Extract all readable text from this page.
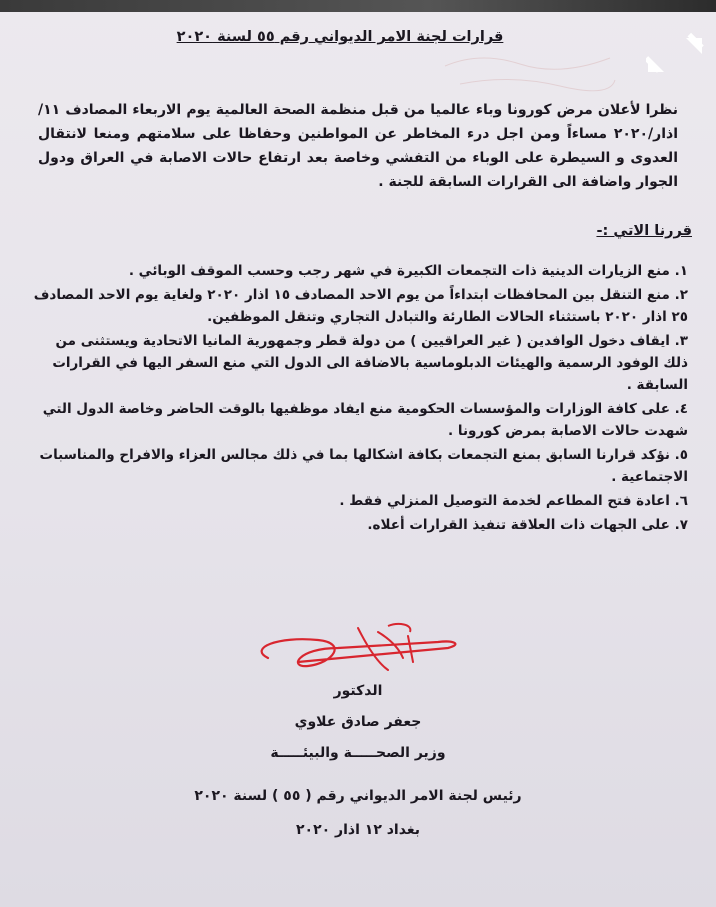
قرارات لجنة الامر الديواني رقم ٥٥ لسنة ٢٠٢٠
نظرا لأعلان مرض كورونا وباء عالميا من قبل منظمة الصحة العالمية يوم الاربعاء المصادف ١١/ اذار/٢٠٢٠ مساءاً ومن اجل درء المخاطر عن المواطنين وحفاظا على سلامتهم ومنعا لانتقال العدوى و السيطرة على الوباء من التفشي وخاصة بعد ارتفاع حالات الاصابة في العراق ودول الجوار واضافة الى القرارات السابقة للجنة .
قررنا الاتي :-
١. منع الزيارات الدينية ذات التجمعات الكبيرة في شهر رجب وحسب الموقف الوبائي .
٢. منع التنقل بين المحافظات ابتداءاً من يوم الاحد المصادف ١٥ اذار ٢٠٢٠ ولغاية يوم الاحد المصادف ٢٥ اذار ٢٠٢٠ باستثناء الحالات الطارئة والتبادل التجاري وتنقل الموظفين.
٣. ايقاف دخول الوافدين ( غير العراقيين ) من دولة قطر وجمهورية المانيا الاتحادية ويستثنى من ذلك الوفود الرسمية والهيئات الدبلوماسية بالاضافة الى الدول التي منع السفر اليها في القرارات السابقة .
٤. على كافة الوزارات والمؤسسات الحكومية منع ايفاد موظفيها بالوقت الحاضر وخاصة الدول التي شهدت حالات الاصابة بمرض كورونا .
٥. نؤكد قرارنا السابق بمنع التجمعات بكافة اشكالها بما في ذلك مجالس العزاء والافراح والمناسبات الاجتماعية .
٦. اعادة فتح المطاعم لخدمة التوصيل المنزلي فقط .
٧. على الجهات ذات العلاقة تنفيذ القرارات أعلاه.
الدكتور
جعفر صادق علاوي
وزير الصحـــــة والبيئـــــة
رئيس لجنة الامر الديواني رقم ( ٥٥ ) لسنة ٢٠٢٠
بغداد ١٢ اذار ٢٠٢٠
